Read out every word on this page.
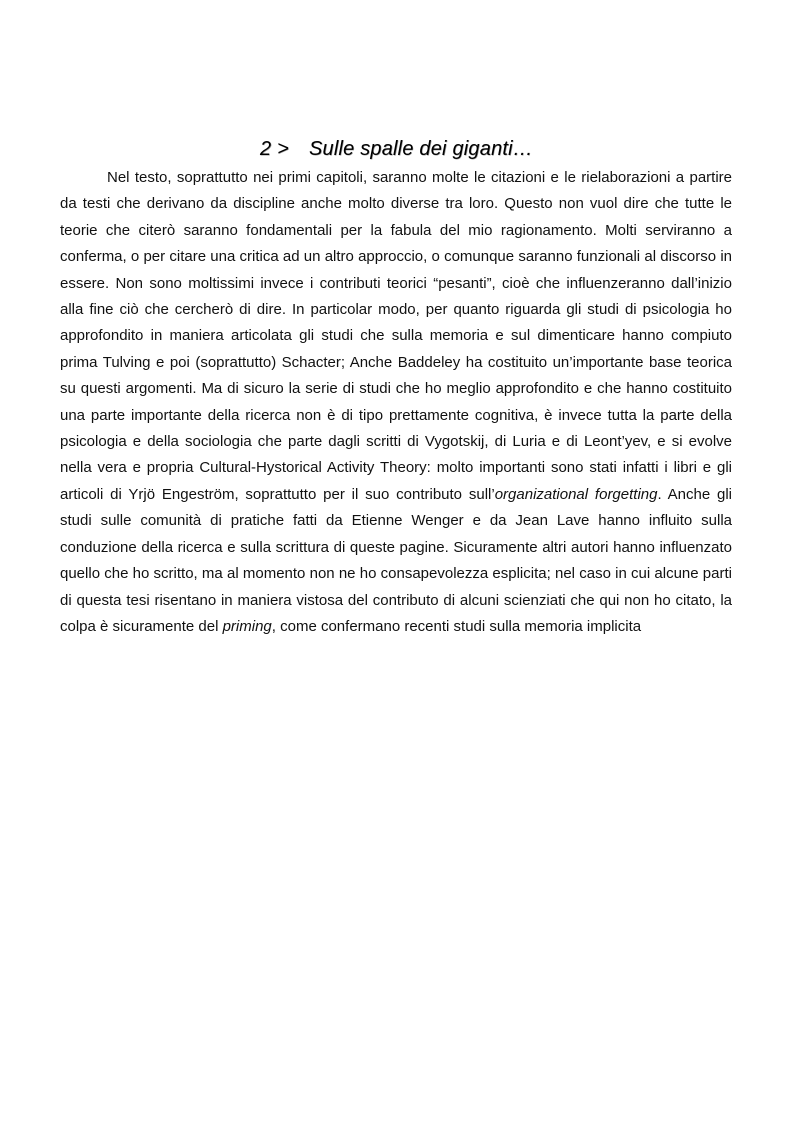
2 > Sulle spalle dei giganti…

Nel testo, soprattutto nei primi capitoli, saranno molte le citazioni e le rielaborazioni a partire da testi che derivano da discipline anche molto diverse tra loro. Questo non vuol dire che tutte le teorie che citerò saranno fondamentali per la fabula del mio ragionamento. Molti serviranno a conferma, o per citare una critica ad un altro approccio, o comunque saranno funzionali al discorso in essere. Non sono moltissimi invece i contributi teorici “pesanti”, cioè che influenzeranno dall’inizio alla fine ciò che cercherò di dire. In particolar modo, per quanto riguarda gli studi di psicologia ho approfondito in maniera articolata gli studi che sulla memoria e sul dimenticare hanno compiuto prima Tulving e poi (soprattutto) Schacter; Anche Baddeley ha costituito un’importante base teorica su questi argomenti. Ma di sicuro la serie di studi che ho meglio approfondito e che hanno costituito una parte importante della ricerca non è di tipo prettamente cognitiva, è invece tutta la parte della psicologia e della sociologia che parte dagli scritti di Vygotskij, di Luria e di Leont’yev, e si evolve nella vera e propria Cultural-Hystorical Activity Theory: molto importanti sono stati infatti i libri e gli articoli di Yrjö Engeström, soprattutto per il suo contributo sull’organizational forgetting. Anche gli studi sulle comunità di pratiche fatti da Etienne Wenger e da Jean Lave hanno influito sulla conduzione della ricerca e sulla scrittura di queste pagine. Sicuramente altri autori hanno influenzato quello che ho scritto, ma al momento non ne ho consapevolezza esplicita; nel caso in cui alcune parti di questa tesi risentano in maniera vistosa del contributo di alcuni scienziati che qui non ho citato, la colpa è sicuramente del priming, come confermano recenti studi sulla memoria implicita
